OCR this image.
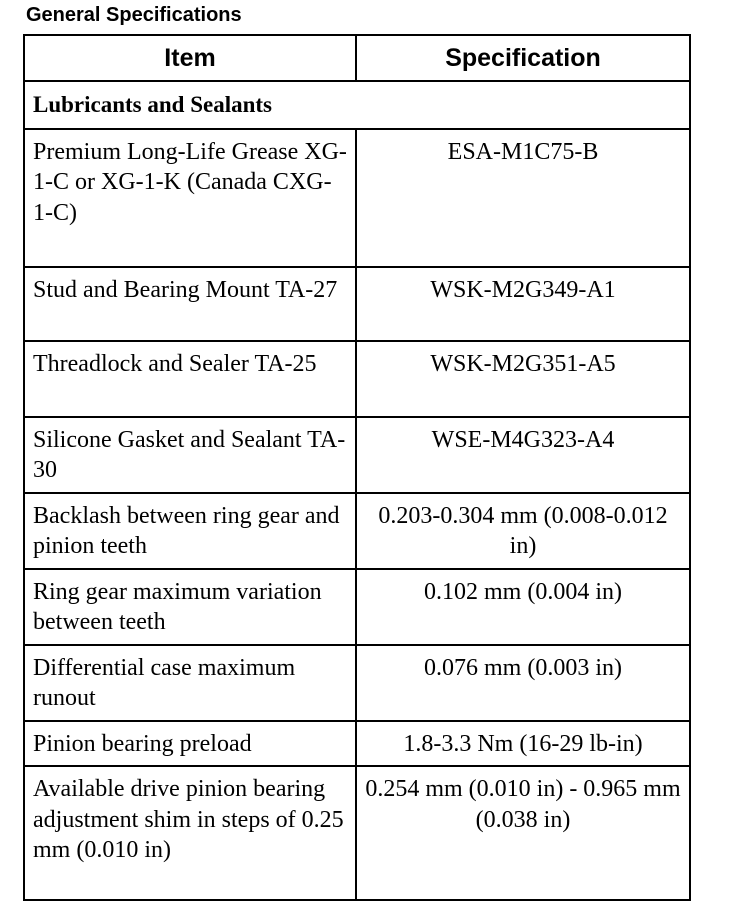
General Specifications
Item	Specification
Lubricants and Sealants	
Premium Long-Life Grease XG-1-C or XG-1-K (Canada CXG-1-C)	ESA-M1C75-B
Stud and Bearing Mount TA-27	WSK-M2G349-A1
Threadlock and Sealer TA-25	WSK-M2G351-A5
Silicone Gasket and Sealant TA-30	WSE-M4G323-A4
Backlash between ring gear and pinion teeth	0.203-0.304 mm (0.008-0.012 in)
Ring gear maximum variation between teeth	0.102 mm (0.004 in)
Differential case maximum runout	0.076 mm (0.003 in)
Pinion bearing preload	1.8-3.3 Nm (16-29 lb-in)
Available drive pinion bearing adjustment shim in steps of 0.25 mm (0.010 in)	0.254 mm (0.010 in) - 0.965 mm (0.038 in)
